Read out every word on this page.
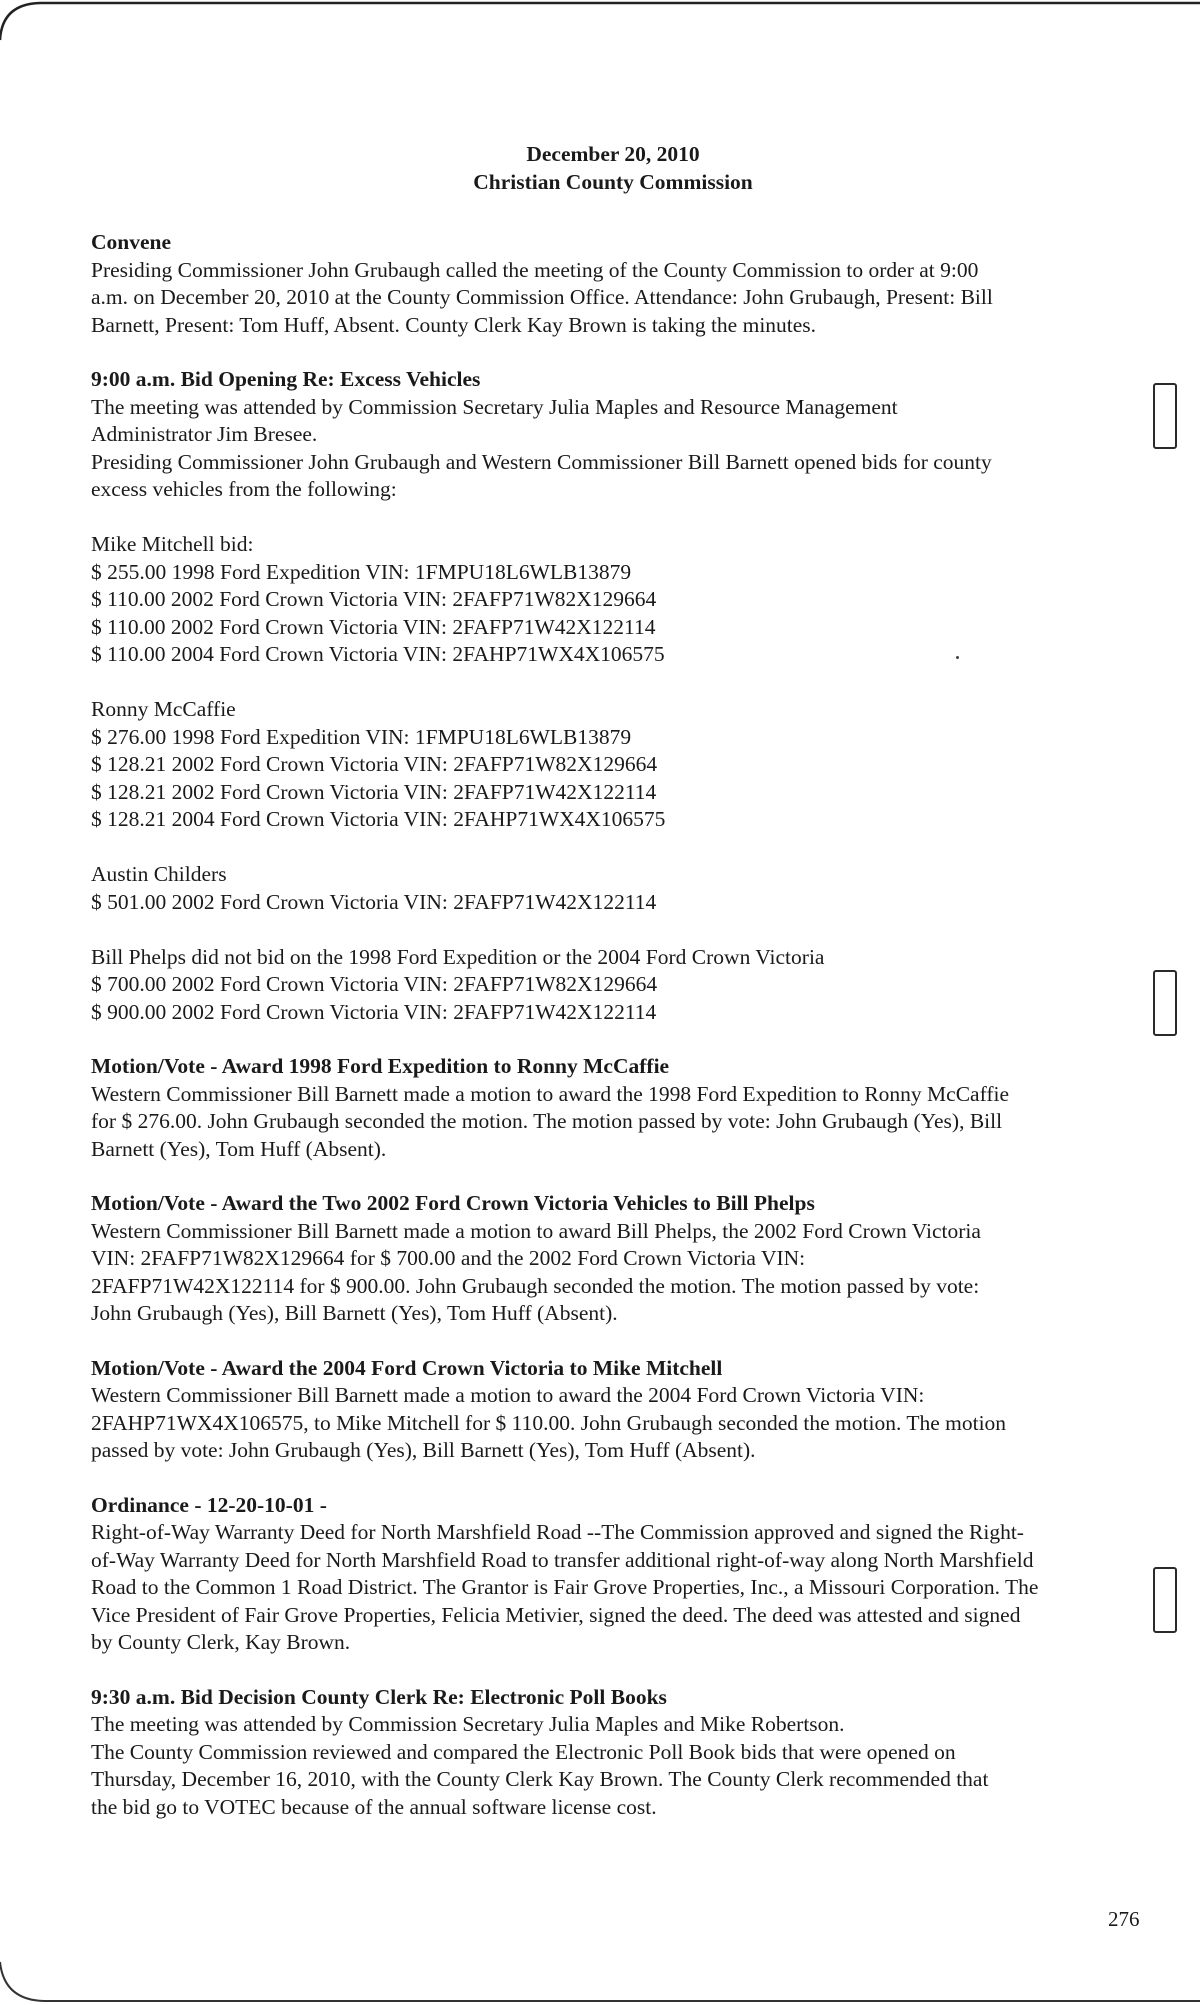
December 20, 2010
Christian County Commission
Convene
Presiding Commissioner John Grubaugh called the meeting of the County Commission to order at 9:00
a.m. on December 20, 2010 at the County Commission Office. Attendance: John Grubaugh, Present: Bill
Barnett, Present: Tom Huff, Absent. County Clerk Kay Brown is taking the minutes.
9:00 a.m. Bid Opening Re: Excess Vehicles
The meeting was attended by Commission Secretary Julia Maples and Resource Management
Administrator Jim Bresee.
Presiding Commissioner John Grubaugh and Western Commissioner Bill Barnett opened bids for county
excess vehicles from the following:
Mike Mitchell bid:
$ 255.00 1998 Ford Expedition VIN: 1FMPU18L6WLB13879
$ 110.00 2002 Ford Crown Victoria VIN: 2FAFP71W82X129664
$ 110.00 2002 Ford Crown Victoria VIN: 2FAFP71W42X122114
$ 110.00 2004 Ford Crown Victoria VIN: 2FAHP71WX4X106575
Ronny McCaffie
$ 276.00 1998 Ford Expedition VIN: 1FMPU18L6WLB13879
$ 128.21 2002 Ford Crown Victoria VIN: 2FAFP71W82X129664
$ 128.21 2002 Ford Crown Victoria VIN: 2FAFP71W42X122114
$ 128.21 2004 Ford Crown Victoria VIN: 2FAHP71WX4X106575
Austin Childers
$ 501.00 2002 Ford Crown Victoria VIN: 2FAFP71W42X122114
Bill Phelps did not bid on the 1998 Ford Expedition or the 2004 Ford Crown Victoria
$ 700.00 2002 Ford Crown Victoria VIN: 2FAFP71W82X129664
$ 900.00 2002 Ford Crown Victoria VIN: 2FAFP71W42X122114
Motion/Vote - Award 1998 Ford Expedition to Ronny McCaffie
Western Commissioner Bill Barnett made a motion to award the 1998 Ford Expedition to Ronny McCaffie
for $ 276.00. John Grubaugh seconded the motion. The motion passed by vote: John Grubaugh (Yes), Bill
Barnett (Yes), Tom Huff (Absent).
Motion/Vote - Award the Two 2002 Ford Crown Victoria Vehicles to Bill Phelps
Western Commissioner Bill Barnett made a motion to award Bill Phelps, the 2002 Ford Crown Victoria
VIN: 2FAFP71W82X129664 for $ 700.00 and the 2002 Ford Crown Victoria VIN:
2FAFP71W42X122114 for $ 900.00. John Grubaugh seconded the motion. The motion passed by vote:
John Grubaugh (Yes), Bill Barnett (Yes), Tom Huff (Absent).
Motion/Vote - Award the 2004 Ford Crown Victoria to Mike Mitchell
Western Commissioner Bill Barnett made a motion to award the 2004 Ford Crown Victoria VIN:
2FAHP71WX4X106575, to Mike Mitchell for $ 110.00. John Grubaugh seconded the motion. The motion
passed by vote: John Grubaugh (Yes), Bill Barnett (Yes), Tom Huff (Absent).
Ordinance - 12-20-10-01 -
Right-of-Way Warranty Deed for North Marshfield Road --The Commission approved and signed the Right-
of-Way Warranty Deed for North Marshfield Road to transfer additional right-of-way along North Marshfield
Road to the Common 1 Road District. The Grantor is Fair Grove Properties, Inc., a Missouri Corporation. The
Vice President of Fair Grove Properties, Felicia Metivier, signed the deed. The deed was attested and signed
by County Clerk, Kay Brown.
9:30 a.m. Bid Decision County Clerk Re: Electronic Poll Books
The meeting was attended by Commission Secretary Julia Maples and Mike Robertson.
The County Commission reviewed and compared the Electronic Poll Book bids that were opened on
Thursday, December 16, 2010, with the County Clerk Kay Brown. The County Clerk recommended that
the bid go to VOTEC because of the annual software license cost.
276
